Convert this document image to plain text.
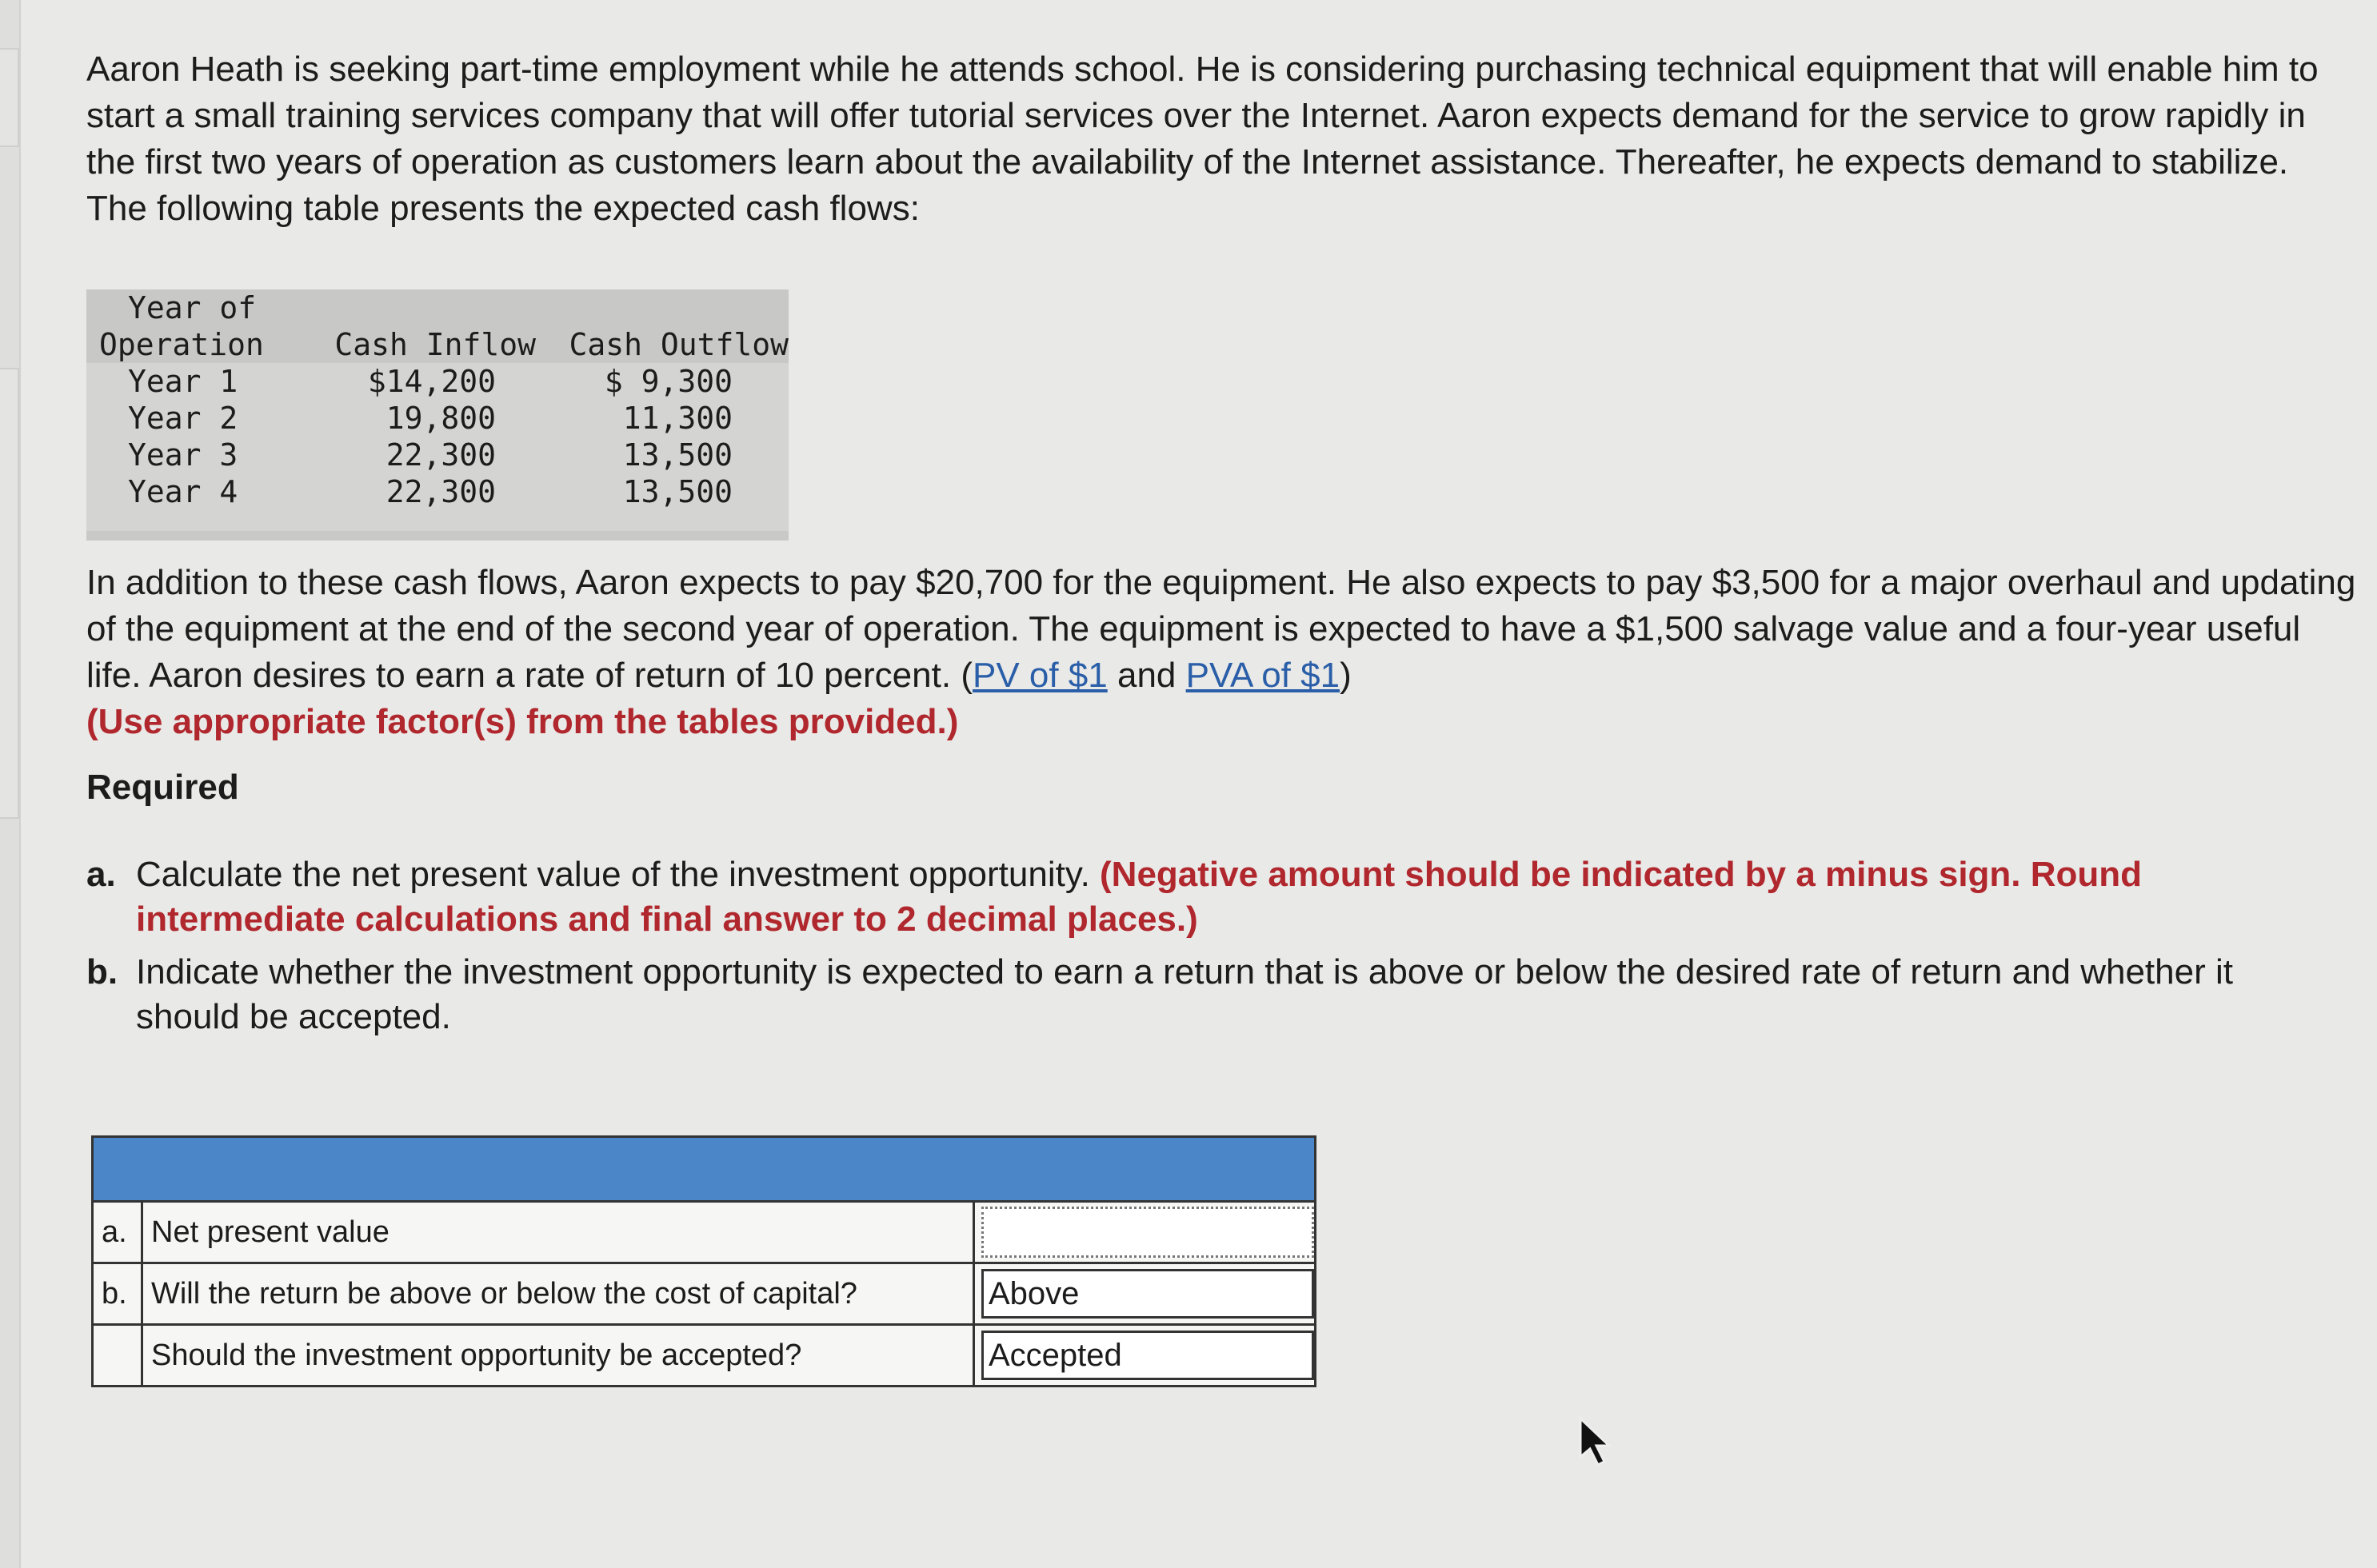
Aaron Heath is seeking part-time employment while he attends school. He is considering purchasing technical equipment that will enable him to start a small training services company that will offer tutorial services over the Internet. Aaron expects demand for the service to grow rapidly in the first two years of operation as customers learn about the availability of the Internet assistance. Thereafter, he expects demand to stabilize. The following table presents the expected cash flows:

Year of
Operation	Cash Inflow Cash Outflow
Year 1	$14,200	$ 9,300
Year 2	19,800	11,300
Year 3	22,300	13,500
Year 4	22,300	13,500

In addition to these cash flows, Aaron expects to pay $20,700 for the equipment. He also expects to pay $3,500 for a major overhaul and updating of the equipment at the end of the second year of operation. The equipment is expected to have a $1,500 salvage value and a four-year useful life. Aaron desires to earn a rate of return of 10 percent. (PV of $1 and PVA of $1)
(Use appropriate factor(s) from the tables provided.)

Required

a. Calculate the net present value of the investment opportunity. (Negative amount should be indicated by a minus sign. Round intermediate calculations and final answer to 2 decimal places.)
b. Indicate whether the investment opportunity is expected to earn a return that is above or below the desired rate of return and whether it should be accepted.
a. Net present value
b. Will the return be above or below the cost of capital?	Above
Should the investment opportunity be accepted?	Accepted
